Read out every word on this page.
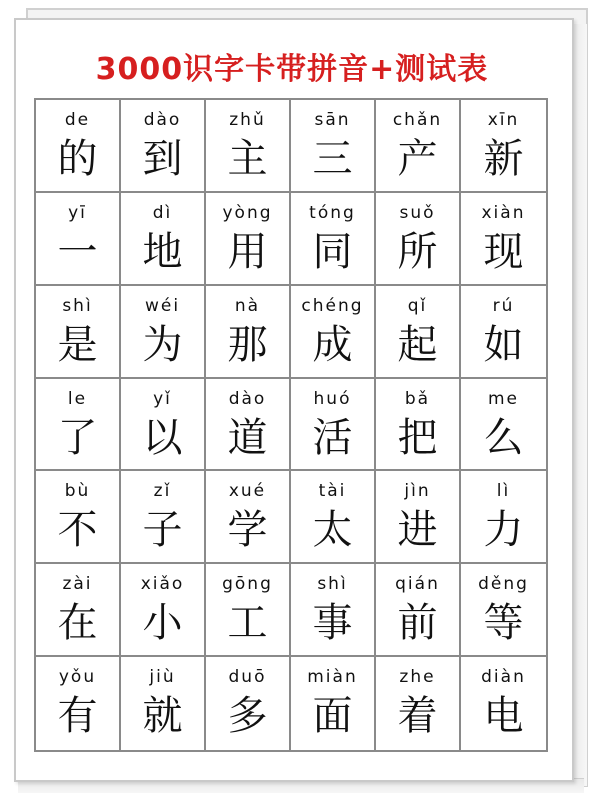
3000识字卡带拼音+测试表
de
的
dào
到
zhǔ
主
sān
三
chǎn
产
xīn
新
yī
一
dì
地
yòng
用
tóng
同
suǒ
所
xiàn
现
shì
是
wéi
为
nà
那
chéng
成
qǐ
起
rú
如
le
了
yǐ
以
dào
道
huó
活
bǎ
把
me
么
bù
不
zǐ
子
xué
学
tài
太
jìn
进
lì
力
zài
在
xiǎo
小
gōng
工
shì
事
qián
前
děng
等
yǒu
有
jiù
就
duō
多
miàn
面
zhe
着
diàn
电
